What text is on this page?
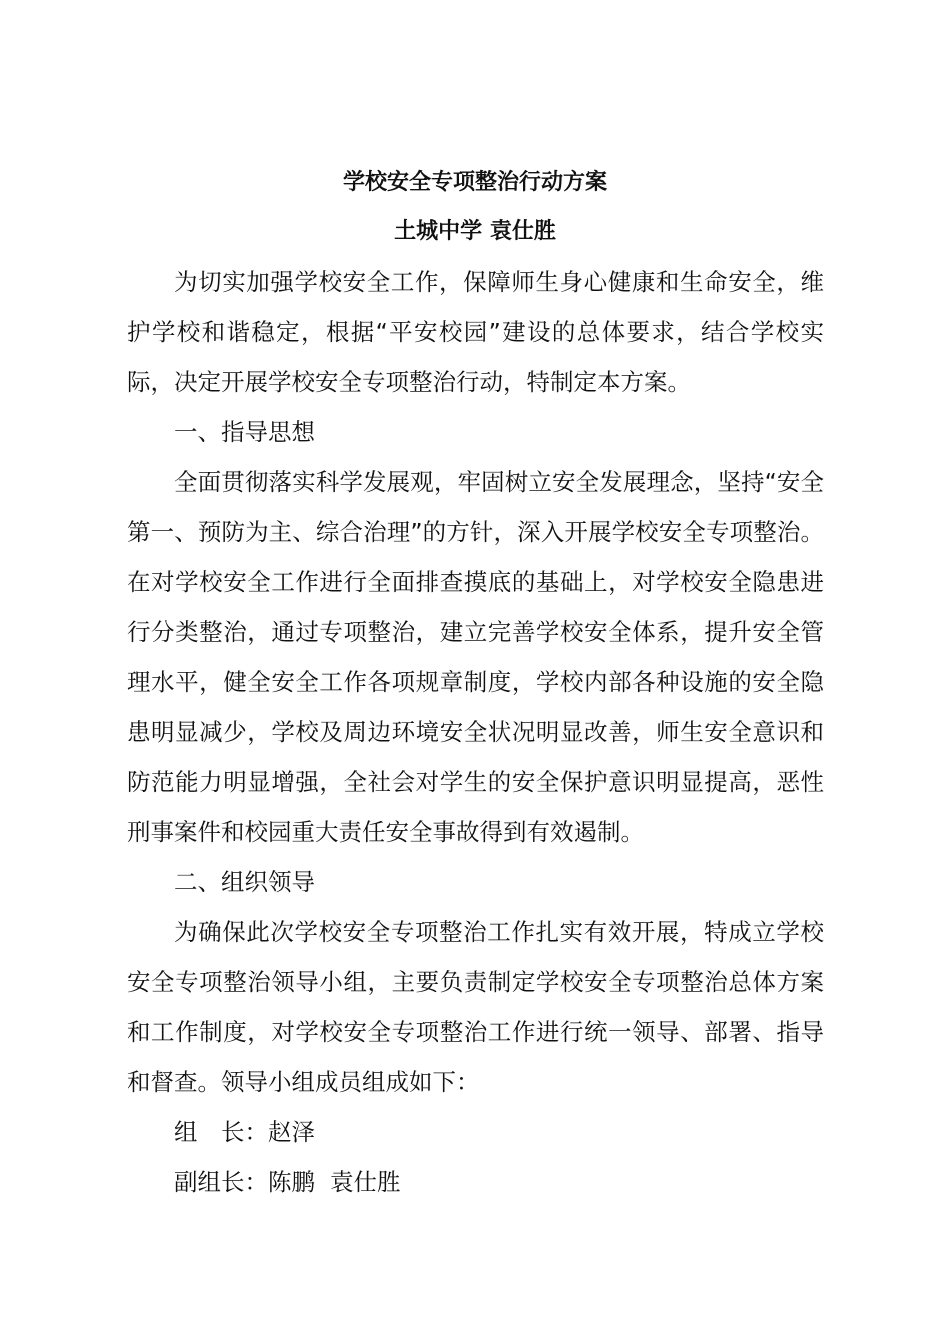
学校安全专项整治行动方案
土城中学 袁仕胜

为切实加强学校安全工作，保障师生身心健康和生命安全，维护学校和谐稳定，根据“平安校园”建设的总体要求，结合学校实际，决定开展学校安全专项整治行动，特制定本方案。

一、指导思想

全面贯彻落实科学发展观，牢固树立安全发展理念，坚持“安全第一、预防为主、综合治理”的方针，深入开展学校安全专项整治。在对学校安全工作进行全面排查摸底的基础上，对学校安全隐患进行分类整治，通过专项整治，建立完善学校安全体系，提升安全管理水平，健全安全工作各项规章制度，学校内部各种设施的安全隐患明显减少，学校及周边环境安全状况明显改善，师生安全意识和防范能力明显增强，全社会对学生的安全保护意识明显提高，恶性刑事案件和校园重大责任安全事故得到有效遏制。

二、组织领导

为确保此次学校安全专项整治工作扎实有效开展，特成立学校安全专项整治领导小组，主要负责制定学校安全专项整治总体方案和工作制度，对学校安全专项整治工作进行统一领导、部署、指导和督查。领导小组成员组成如下：

组　长：赵泽

副组长：陈鹏  袁仕胜
